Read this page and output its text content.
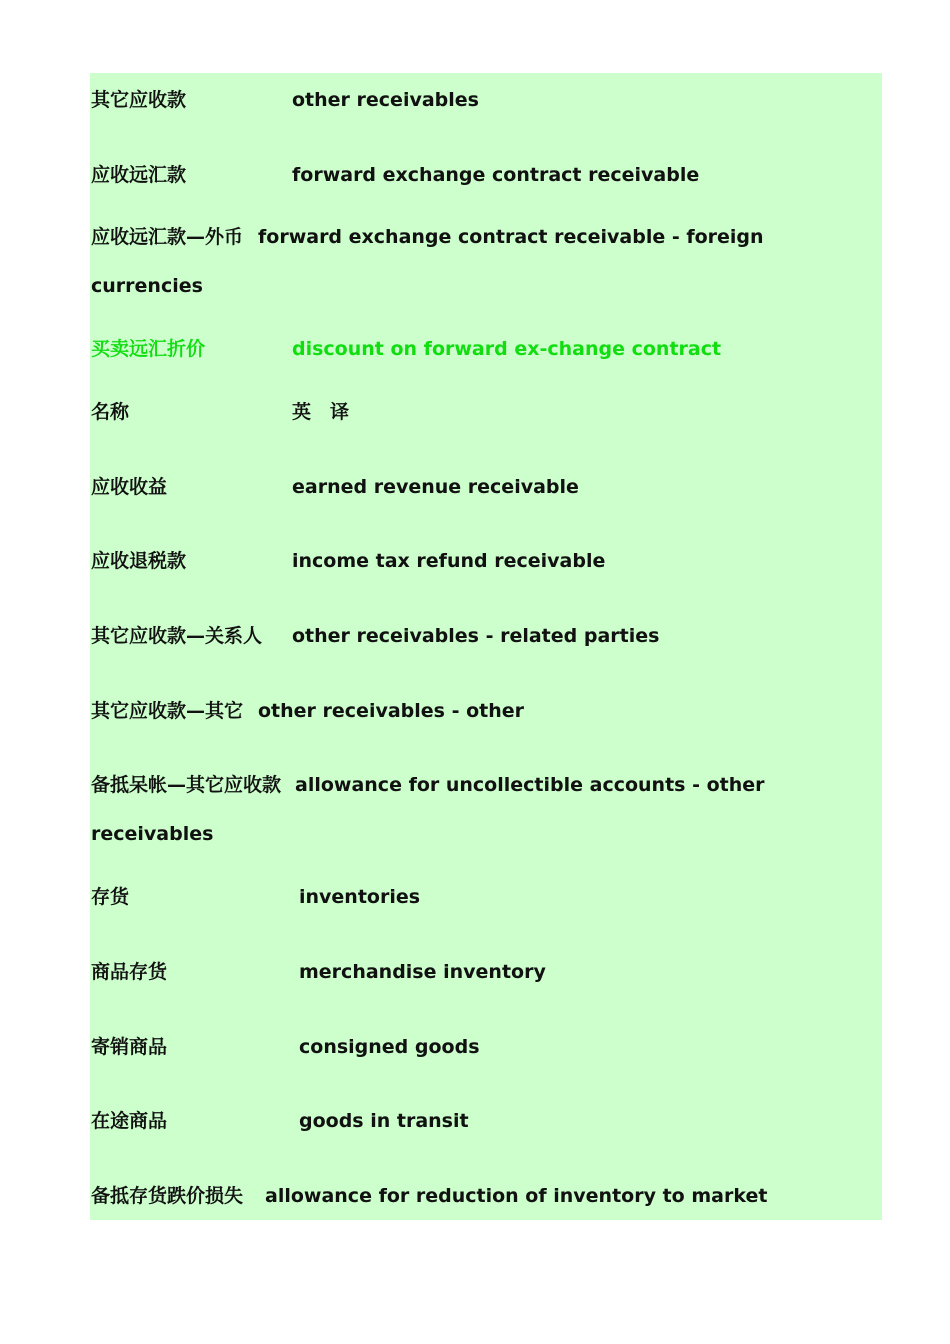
其它应收款	other receivables
应收远汇款	forward exchange contract receivable
应收远汇款—外币 forward exchange contract receivable - foreign
currencies
买卖远汇折价	discount on forward ex-change contract
名称	英　译
应收收益	earned revenue receivable
应收退税款	income tax refund receivable
其它应收款—关系人 other receivables - related parties
其它应收款—其它 other receivables - other
备抵呆帐—其它应收款 allowance for uncollectible accounts - other
receivables
存货	inventories
商品存货	merchandise inventory
寄销商品	consigned goods
在途商品	goods in transit
备抵存货跌价损失 allowance for reduction of inventory to market
